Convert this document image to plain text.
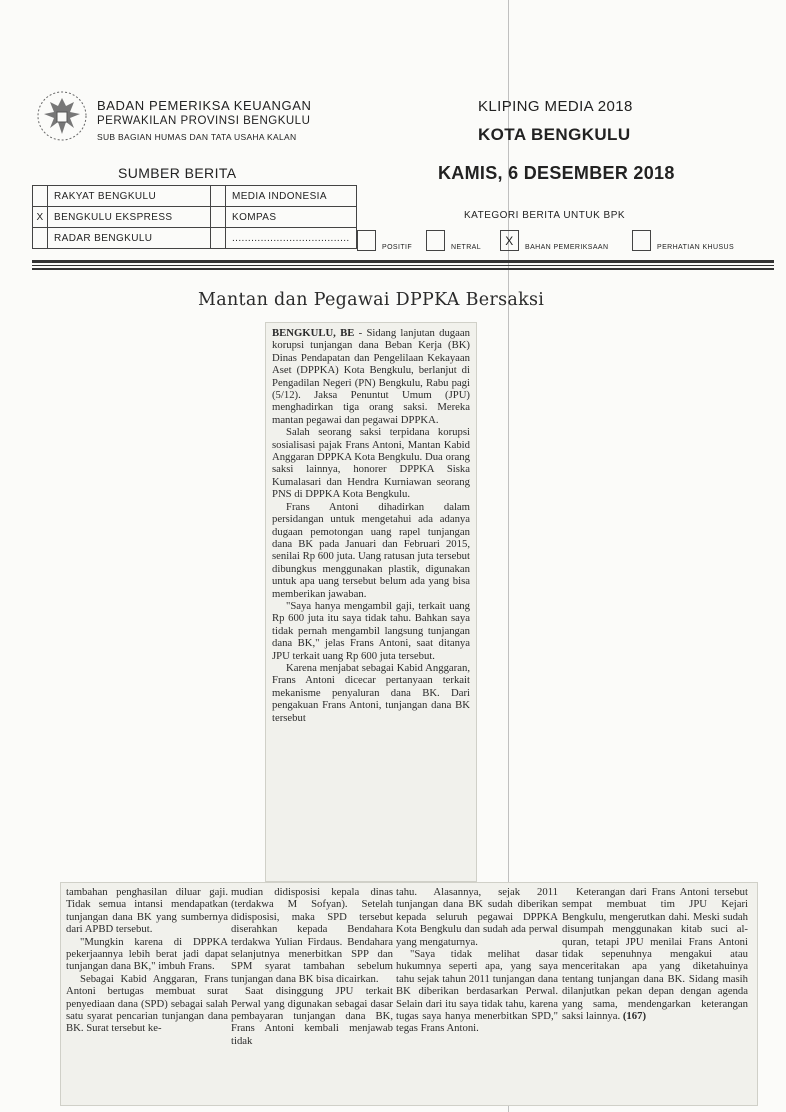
BADAN PEMERIKSA KEUANGAN
PERWAKILAN PROVINSI BENGKULU
SUB BAGIAN HUMAS DAN TATA USAHA KALAN
KLIPING MEDIA 2018
KOTA BENGKULU
SUMBER BERITA	KAMIS, 6 DESEMBER 2018
	RAKYAT BENGKULU		MEDIA INDONESIA
X	BENGKULU EKSPRESS		KOMPAS
	RADAR BENGKULU		.....................................
KATEGORI BERITA UNTUK BPK
POSITIF	NETRAL	X	BAHAN PEMERIKSAAN	PERHATIAN KHUSUS
Mantan dan Pegawai DPPKA Bersaksi

BENGKULU, BE - Sidang lanjutan dugaan korupsi tunjangan dana Beban Kerja (BK) Dinas Pendapatan dan Pengelilaan Kekayaan Aset (DPPKA) Kota Bengkulu, berlanjut di Pengadilan Negeri (PN) Bengkulu, Rabu pagi (5/12). Jaksa Penuntut Umum (JPU) menghadirkan tiga orang saksi. Mereka mantan pegawai dan pegawai DPPKA.

Salah seorang saksi terpidana korupsi sosialisasi pajak Frans Antoni, Mantan Kabid Anggaran DPPKA Kota Bengkulu. Dua orang saksi lainnya, honorer DPPKA Siska Kumalasari dan Hendra Kurniawan seorang PNS di DPPKA Kota Bengkulu.

Frans Antoni dihadirkan dalam persidangan untuk mengetahui ada adanya dugaan pemotongan uang rapel tunjangan dana BK pada Januari dan Februari 2015, senilai Rp 600 juta. Uang ratusan juta tersebut dibungkus menggunakan plastik, digunakan untuk apa uang tersebut belum ada yang bisa memberikan jawaban.

"Saya hanya mengambil gaji, terkait uang Rp 600 juta itu saya tidak tahu. Bahkan saya tidak pernah mengambil langsung tunjangan dana BK," jelas Frans Antoni, saat ditanya JPU terkait uang Rp 600 juta tersebut.

Karena menjabat sebagai Kabid Anggaran, Frans Antoni dicecar pertanyaan terkait mekanisme penyaluran dana BK. Dari pengakuan Frans Antoni, tunjangan dana BK tersebut

tambahan penghasilan diluar gaji. Tidak semua intansi mendapatkan tunjangan dana BK yang sumbernya dari APBD tersebut.

"Mungkin karena di DPPKA pekerjaannya lebih berat jadi dapat tunjangan dana BK," imbuh Frans.

Sebagai Kabid Anggaran, Frans Antoni bertugas membuat surat penyediaan dana (SPD) sebagai salah satu syarat pencarian tunjangan dana BK. Surat tersebut ke-

mudian didisposisi kepala dinas (terdakwa M Sofyan). Setelah didisposisi, maka SPD tersebut diserahkan kepada Bendahara terdakwa Yulian Firdaus. Bendahara selanjutnya menerbitkan SPP dan SPM syarat tambahan sebelum tunjangan dana BK bisa dicairkan.

Saat disinggung JPU terkait Perwal yang digunakan sebagai dasar pembayaran tunjangan dana BK, Frans Antoni kembali menjawab tidak

tahu. Alasannya, sejak 2011 tunjangan dana BK sudah diberikan kepada seluruh pegawai DPPKA Kota Bengkulu dan sudah ada perwal yang mengaturnya.

"Saya tidak melihat dasar hukumnya seperti apa, yang saya tahu sejak tahun 2011 tunjangan dana BK diberikan berdasarkan Perwal. Selain dari itu saya tidak tahu, karena tugas saya hanya menerbitkan SPD," tegas Frans Antoni.

Keterangan dari Frans Antoni tersebut sempat membuat tim JPU Kejari Bengkulu, mengerutkan dahi. Meski sudah disumpah menggunakan kitab suci al-quran, tetapi JPU menilai Frans Antoni tidak sepenuhnya mengakui atau menceritakan apa yang diketahuinya tentang tunjangan dana BK. Sidang masih dilanjutkan pekan depan dengan agenda yang sama, mendengarkan keterangan saksi lainnya. (167)
